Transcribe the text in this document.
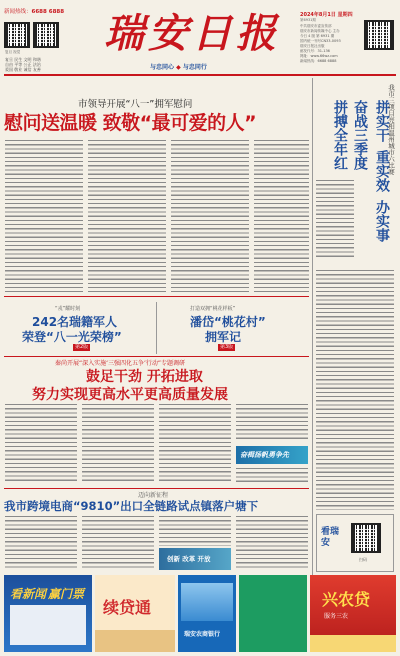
新闻热线：6688 6888
复旦 视觉
复旦 民生 文明 和谐
自由 平等 公正 法治
爱国 敬业 诚信 友善
瑞安日报
与忠同心 ◆ 与忠同行
2024年8月1日 星期四
第6931期
中共瑞安市委宣传部
瑞安市新闻传媒中心 主办
今日 4 版 第 6931 期
国内统一刊号CN33-0093
瑞安日报社出版
邮发代号：31-136
网址：www.66wz.com
新闻热线：6688 6888
市领导开展“八一”拥军慰问
慰问送温暖 致敬“最可爱的人”	拼实干
重实效
办实事
奋战三季度
拼搏全年红	我市三项目亮相温州城市六比赛
“戎”耀时刻
242名瑞籍军人
荣登“八一光荣榜”
第2版
打造双拥“桃花样板”
潘岱“桃花村”
拥军记
第3版
秦尚开展“深入实施‘三强四化五争’行动”专题调研
鼓足干劲 开拓进取
努力实现更高水平更高质量发展
奋楫扬帆勇争先
迈向新征程
我市跨境电商“9810”出口全链路试点镇落户塘下
创新 改革 开放
看瑞安
扫码
看新闻 赢门票
续贷通
瑞安农商银行
兴农贷
服务三农
